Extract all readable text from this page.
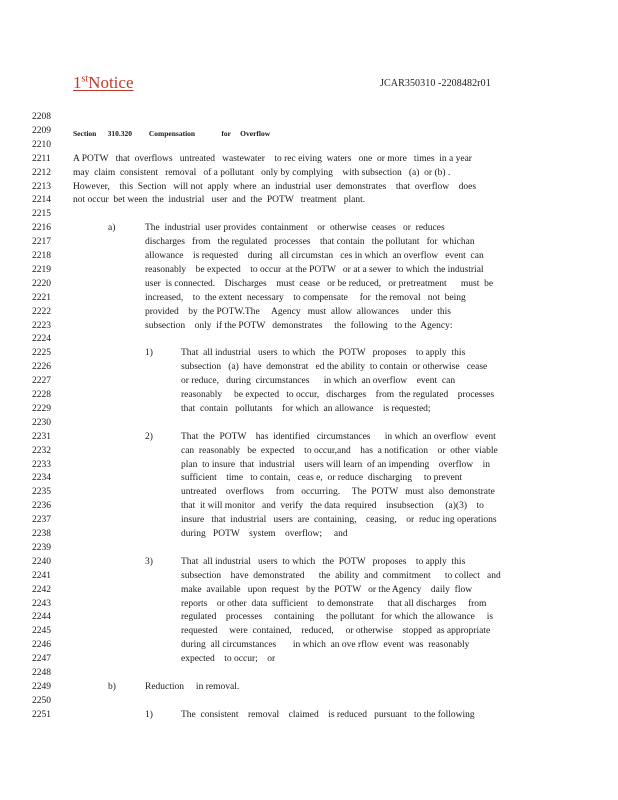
1stNotice	JCAR350310 -2208482r01
2208
2209	Section      310.320         Compensation              for     Overflow
2210
2211 A POTW   that  overflows   untreated   wastewater    to rec eiving  waters   one  or more   times  in a year
2212 may  claim  consistent   removal   of a pollutant   only by complying    with subsection   (a)  or (b) .
2213 However,    this  Section   will not  apply  where  an  industrial  user  demonstrates    that  overflow    does
2214 not occur  bet ween  the  industrial   user  and  the  POTW   treatment   plant.
2215
2216	a)	The  industrial  user provides  containment    or  otherwise  ceases   or  reduces
2217	discharges   from   the regulated   processes    that contain   the pollutant   for  whichan
2218	allowance    is requested    during   all circumstan   ces in which  an overflow   event  can
2219	reasonably    be expected    to occur  at the POTW   or at a sewer  to which  the industrial
2220	user  is connected.    Discharges    must  cease   or be reduced,   or pretreatment      must  be
2221	increased,    to  the extent  necessary    to compensate     for  the removal   not  being
2222	provided    by  the POTW.The     Agency   must  allow  allowances     under  this
2223	subsection    only  if the POTW   demonstrates     the  following   to the  Agency:
2224
2225	1)	That  all industrial   users  to which   the  POTW   proposes    to apply  this
2226	subsection   (a)  have  demonstrat   ed the ability  to contain  or otherwise   cease
2227	or reduce,   during  circumstances      in which  an overflow    event  can
2228	reasonably     be expected   to occur,   discharges    from  the regulated    processes
2229	that  contain   pollutants    for which  an allowance    is requested;
2230
2231	2)	That  the  POTW    has  identified   circumstances      in which  an overflow   event
2232	can  reasonably   be  expected    to occur,and    has  a notification    or  other  viable
2233	plan  to insure  that  industrial    users will learn  of an impending    overflow    in
2234	sufficient    time   to contain,   ceas e,  or reduce  discharging     to prevent
2235	untreated    overflows     from   occurring.     The  POTW   must  also  demonstrate
2236	that  it will monitor   and  verify   the data  required    insubsection     (a)(3)    to
2237	insure   that  industrial   users  are  containing,    ceasing,    or  reduc ing operations
2238	during   POTW    system    overflow;     and
2239
2240	3)	That  all industrial   users  to which   the  POTW   proposes    to apply  this
2241	subsection    have  demonstrated      the  ability  and  commitment      to collect   and
2242	make  available   upon  request   by the  POTW   or the Agency    daily  flow
2243	reports    or other  data  sufficient    to demonstrate      that all discharges     from
2244	regulated    processes     containing     the pollutant   for which  the allowance     is
2245	requested     were  contained,    reduced,     or otherwise    stopped  as appropriate
2246	during  all circumstances       in which  an ove rflow  event  was  reasonably
2247	expected    to occur;    or
2248
2249	b)	Reduction     in removal.
2250
2251	1)	The  consistent    removal    claimed    is reduced   pursuant   to the following
